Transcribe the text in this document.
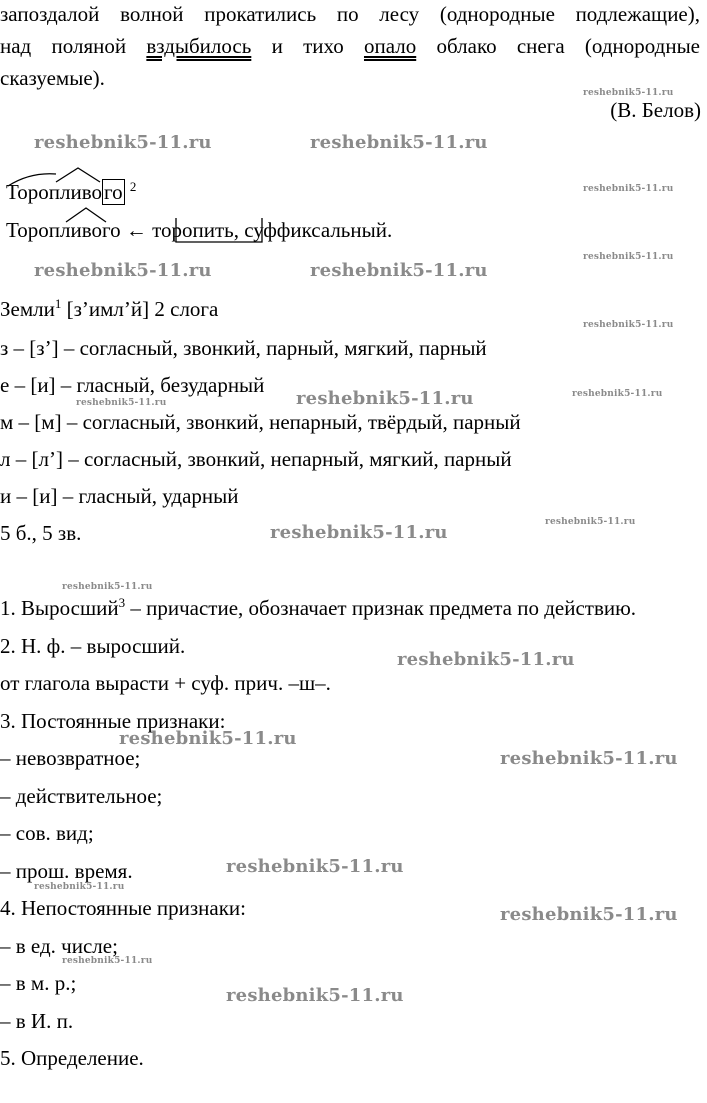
запоздалой волной прокатились по лесу (однородные подлежащие),
над поляной вздыбилось и тихо опало облако снега (однородные
сказуемые).
(В. Белов)
Торопливого $^2$
Торопливого ← торопить, суффиксальный.
Земли$^1$ [з’имл’й] 2 слога
з – [з’] – согласный, звонкий, парный, мягкий, парный
е – [и] – гласный, безударный
м – [м] – согласный, звонкий, непарный, твёрдый, парный
л – [л’] – согласный, звонкий, непарный, мягкий, парный
и – [и] – гласный, ударный
5 б., 5 зв.
1. Выросший$^3$ – причастие, обозначает признак предмета по действию.
2. Н. ф. – выросший.
от глагола вырасти + суф. прич. –ш–.
3. Постоянные признаки:
– невозвратное;
– действительное;
– сов. вид;
– прош. время.
4. Непостоянные признаки:
– в ед. числе;
– в м. р.;
– в И. п.
5. Определение.
reshebnik5-11.ru
reshebnik5-11.ru	reshebnik5-11.ru
reshebnik5-11.ru
reshebnik5-11.ru
reshebnik5-11.ru	reshebnik5-11.ru
reshebnik5-11.ru
reshebnik5-11.ru
reshebnik5-11.ru
reshebnik5-11.ru
reshebnik5-11.ru
reshebnik5-11.ru
reshebnik5-11.ru
reshebnik5-11.ru
reshebnik5-11.ru
reshebnik5-11.ru
reshebnik5-11.ru
reshebnik5-11.ru
reshebnik5-11.ru
reshebnik5-11.ru
reshebnik5-11.ru
